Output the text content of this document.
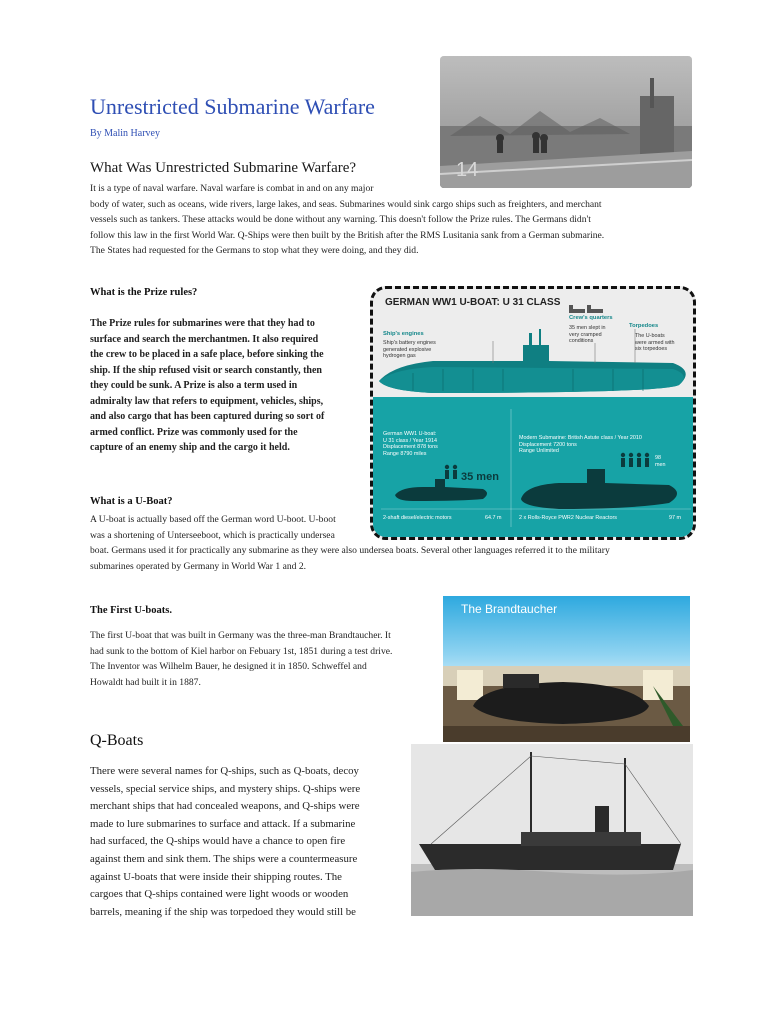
Unrestricted Submarine Warfare
By Malin Harvey
14
What Was Unrestricted Submarine Warfare?
It is a type of naval warfare. Naval warfare is combat in and on any major
body of water, such as oceans, wide rivers, large lakes, and seas. Submarines would sink cargo ships such as freighters, and merchant
vessels such as tankers. These attacks would be done without any warning. This doesn't follow the Prize rules. The Germans didn't
follow this law in the first World War. Q-Ships were then built by the British after the RMS Lusitania sank from a German submarine.
The States had requested for the Germans to stop what they were doing, and they did.
What is the Prize rules?
The Prize rules for submarines were that they had to
surface and search the merchantmen. It also required
the crew to be placed in a safe place, before sinking the
ship. If the ship refused visit or search constantly, then
they could be sunk. A Prize is also a term used in
admiralty law that refers to equipment, vehicles, ships,
and also cargo that has been captured during so sort of
armed conflict. Prize was commonly used for the
capture of an enemy ship and the cargo it held.
GERMAN WW1 U-BOAT: U 31 CLASS
Crew's quarters
35 men slept in
very cramped
conditions
Ship's engines
Ship's battery engines
generated explosive
hydrogen gas
Torpedoes
The U-boats
were armed with
six torpedoes
German WW1 U-boat:
U 31 class / Year 1914
Displacement 878 tons
Range 8790 miles
35 men
2-shaft diesel/electric motors	64.7 m
Modern Submarine: British Astute class / Year 2010
Displacement 7200 tons
Range Unlimited
98
men
2 x Rolls-Royce PWR2 Nuclear Reactors	97 m
What is a U-Boat?
A U-boat is actually based off the German word U-boot. U-boot
was a shortening of Unterseeboot, which is practically undersea
boat. Germans used it for practically any submarine as they were also undersea boats. Several other languages referred it to the military
submarines operated by Germany in World War 1 and 2.
The First U-boats.
The first U-boat that was built in Germany was the three-man Brandtaucher. It
had sunk to the bottom of Kiel harbor on Febuary 1st, 1851 during a test drive.
The Inventor was Wilhelm Bauer, he designed it in 1850. Schweffel and
Howaldt had built it in 1887.
The Brandtaucher
Q-Boats
There were several names for Q-ships, such as Q-boats, decoy
vessels, special service ships, and mystery ships. Q-ships were
merchant ships that had concealed weapons, and Q-ships were
made to lure submarines to surface and attack. If a submarine
had surfaced, the Q-ships would have a chance to open fire
against them and sink them. The ships were a countermeasure
against U-boats that were inside their shipping routes. The
cargoes that Q-ships contained were light woods or wooden
barrels, meaning if the ship was torpedoed they would still be
